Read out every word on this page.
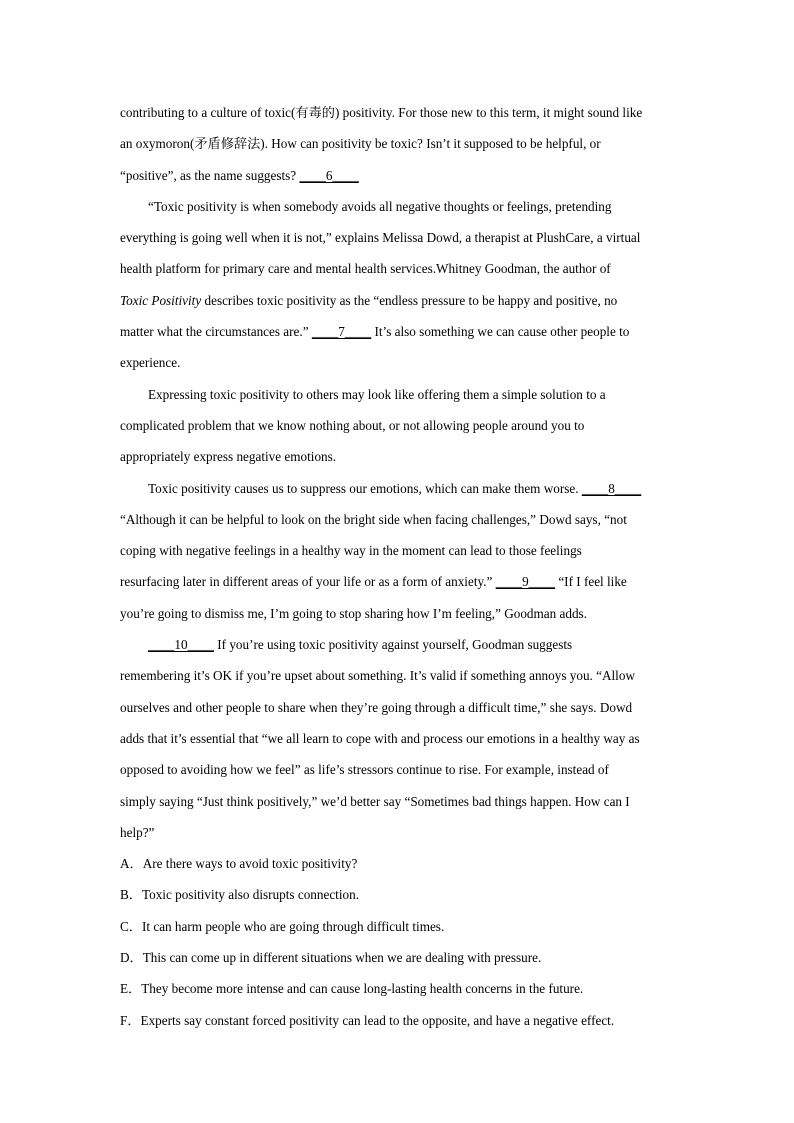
contributing to a culture of toxic(有毒的) positivity. For those new to this term, it might sound like
an oxymoron(矛盾修辞法). How can positivity be toxic? Isn’t it supposed to be helpful, or
“positive”, as the name suggests? ____6____
“Toxic positivity is when somebody avoids all negative thoughts or feelings, pretending
everything is going well when it is not,” explains Melissa Dowd, a therapist at PlushCare, a virtual
health platform for primary care and mental health services.Whitney Goodman, the author of
Toxic Positivity describes toxic positivity as the “endless pressure to be happy and positive, no
matter what the circumstances are.” ____7____ It’s also something we can cause other people to
experience.
Expressing toxic positivity to others may look like offering them a simple solution to a
complicated problem that we know nothing about, or not allowing people around you to
appropriately express negative emotions.
Toxic positivity causes us to suppress our emotions, which can make them worse. ____8____
“Although it can be helpful to look on the bright side when facing challenges,” Dowd says, “not
coping with negative feelings in a healthy way in the moment can lead to those feelings
resurfacing later in different areas of your life or as a form of anxiety.” ____9____ “If I feel like
you’re going to dismiss me, I’m going to stop sharing how I’m feeling,” Goodman adds.
____10____ If you’re using toxic positivity against yourself, Goodman suggests
remembering it’s OK if you’re upset about something. It’s valid if something annoys you. “Allow
ourselves and other people to share when they’re going through a difficult time,” she says. Dowd
adds that it’s essential that “we all learn to cope with and process our emotions in a healthy way as
opposed to avoiding how we feel” as life’s stressors continue to rise. For example, instead of
simply saying “Just think positively,” we’d better say “Sometimes bad things happen. How can I
help?”
A．Are there ways to avoid toxic positivity?
B．Toxic positivity also disrupts connection.
C．It can harm people who are going through difficult times.
D．This can come up in different situations when we are dealing with pressure.
E．They become more intense and can cause long-lasting health concerns in the future.
F．Experts say constant forced positivity can lead to the opposite, and have a negative effect.
